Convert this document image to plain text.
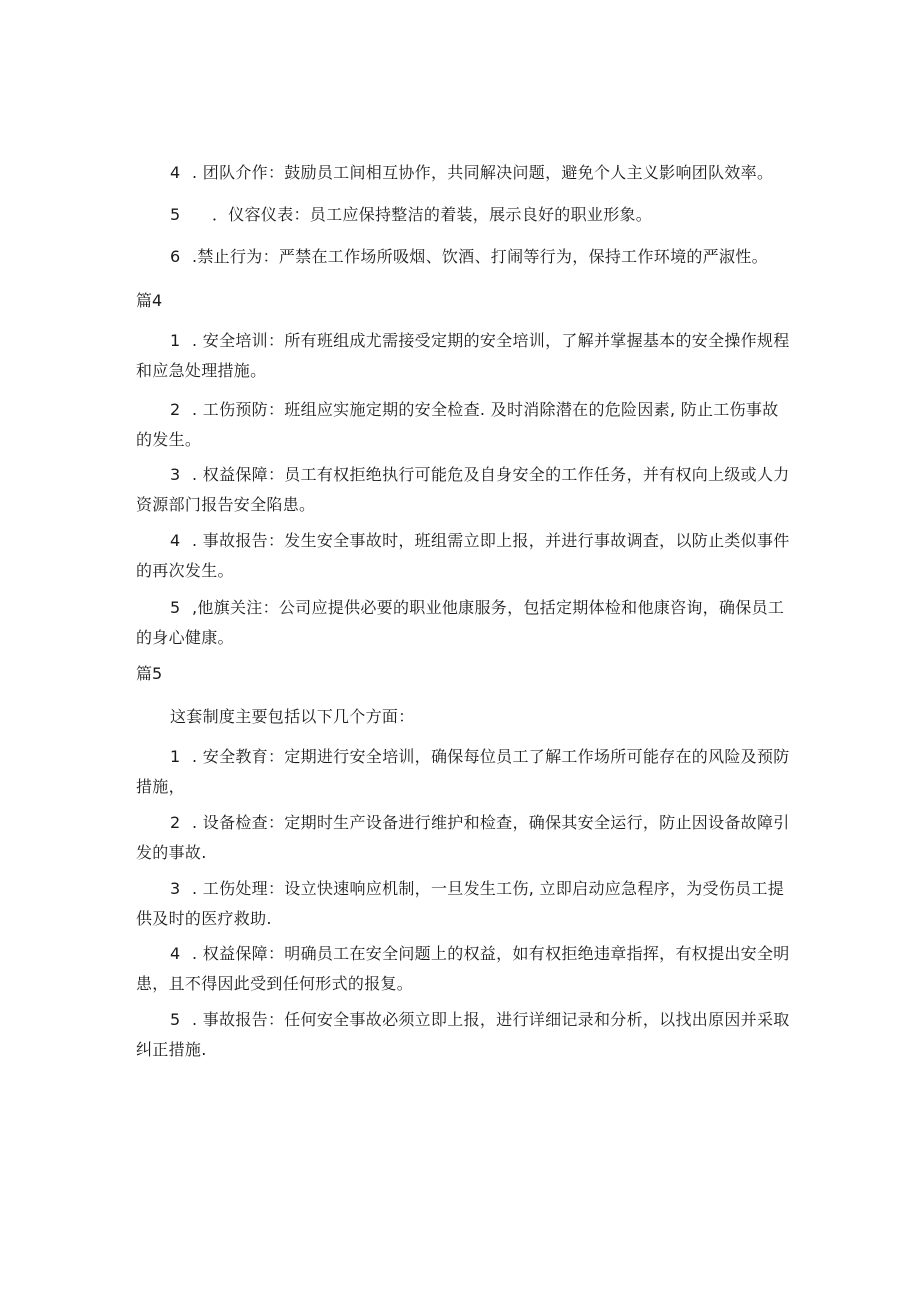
4 . 团队介作：鼓励员工间相互协作，共同解决问题，避免个人主义影响团队效率。
5 ．仪容仪表：员工应保持整洁的着装，展示良好的职业形象。
6 .禁止行为：严禁在工作场所吸烟、饮酒、打闹等行为，保持工作环境的严淑性。
篇4
1 . 安全培训：所有班组成尤需接受定期的安全培训，了解并掌握基本的安全操作规程和应急处理措施。
2 . 工伤预防：班组应实施定期的安全检查. 及时消除潜在的危险因素, 防止工伤事故的发生。
3 . 权益保障：员工有权拒绝执行可能危及自身安全的工作任务，并有权向上级或人力资源部门报告安全陷患。
4 . 事故报告：发生安全事故时，班组需立即上报，并进行事故调査，以防止类似事件的再次发生。
5 ,他旗关注：公司应提供必要的职业他康服务，包括定期体检和他康咨询，确保员工的身心健康。
篇5
这套制度主要包括以下几个方面：
1 . 安全教育：定期进行安全培训，确保每位员工了解工作场所可能存在的风险及预防措施，
2 . 设备检查：定期时生产设备进行维护和检查，确保其安全运行，防止因设备故障引发的事故.
3 . 工伤处理：设立快速响应机制，一旦发生工伤, 立即启动应急程序，为受伤员工提供及时的医疗救助.
4 . 权益保障：明确员工在安全问题上的权益，如有权拒绝违章指挥，有权提出安全明患，且不得因此受到任何形式的报复。
5 . 事故报告：任何安全事故必须立即上报，进行详细记录和分析，以找出原因并采取纠正措施.
